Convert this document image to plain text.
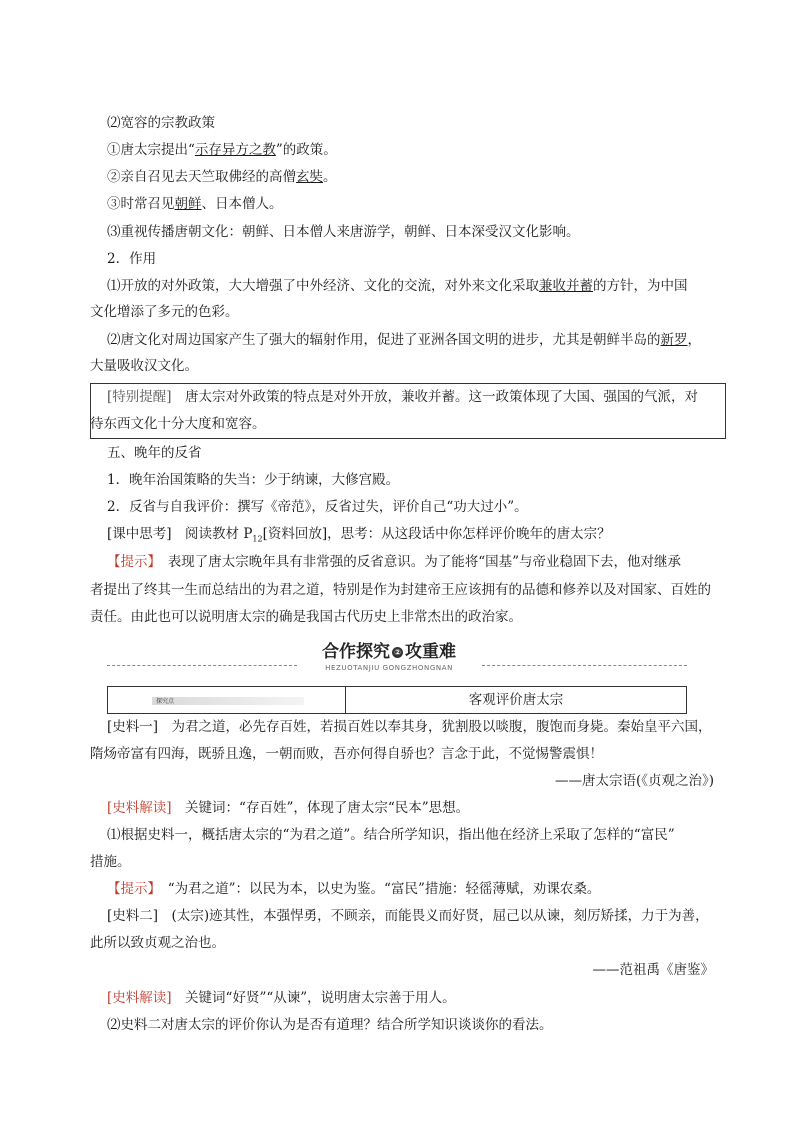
⑵宽容的宗教政策
①唐太宗提出“示存异方之教”的政策。
②亲自召见去天竺取佛经的高僧玄奘。
③时常召见朝鲜、日本僧人。
⑶重视传播唐朝文化：朝鲜、日本僧人来唐游学，朝鲜、日本深受汉文化影响。
2．作用
⑴开放的对外政策，大大增强了中外经济、文化的交流，对外来文化采取兼收并蓄的方针，为中国
文化增添了多元的色彩。
⑵唐文化对周边国家产生了强大的辐射作用，促进了亚洲各国文明的进步，尤其是朝鲜半岛的新罗，
大量吸收汉文化。
[特别提醒]　唐太宗对外政策的特点是对外开放，兼收并蓄。这一政策体现了大国、强国的气派，对
待东西文化十分大度和宽容。
五、晚年的反省
1．晚年治国策略的失当：少于纳谏，大修宫殿。
2．反省与自我评价：撰写《帝范》，反省过失，评价自己“功大过小”。
[课中思考]　阅读教材 $P_{12}$[资料回放]，思考：从这段话中你怎样评价晚年的唐太宗？
【提示】　表现了唐太宗晚年具有非常强的反省意识。为了能将“国基”与帝业稳固下去，他对继承
者提出了终其一生而总结出的为君之道，特别是作为封建帝王应该拥有的品德和修养以及对国家、百姓的
责任。由此也可以说明唐太宗的确是我国古代历史上非常杰出的政治家。
合作探究 ② 攻重难
HEZUOTANJIU GONGZHONGNAN
探究点	客观评价唐太宗
[史料一]　为君之道，必先存百姓，若损百姓以奉其身，犹割股以啖腹，腹饱而身毙。秦始皇平六国，
隋炀帝富有四海，既骄且逸，一朝而败，吾亦何得自骄也？言念于此，不觉惕警震惧！
——唐太宗语(《贞观之治》)
[史料解读]　关键词：“存百姓”，体现了唐太宗“民本”思想。
⑴根据史料一，概括唐太宗的“为君之道”。结合所学知识，指出他在经济上采取了怎样的“富民”
措施。
【提示】　“为君之道”：以民为本，以史为鉴。“富民”措施：轻徭薄赋，劝课农桑。
[史料二]　(太宗)迹其性，本强悍勇，不顾亲，而能畏义而好贤，屈己以从谏，刻厉矫揉，力于为善，
此所以致贞观之治也。
——范祖禹《唐鉴》
[史料解读]　关键词“好贤”“从谏”，说明唐太宗善于用人。
⑵史料二对唐太宗的评价你认为是否有道理？结合所学知识谈谈你的看法。
